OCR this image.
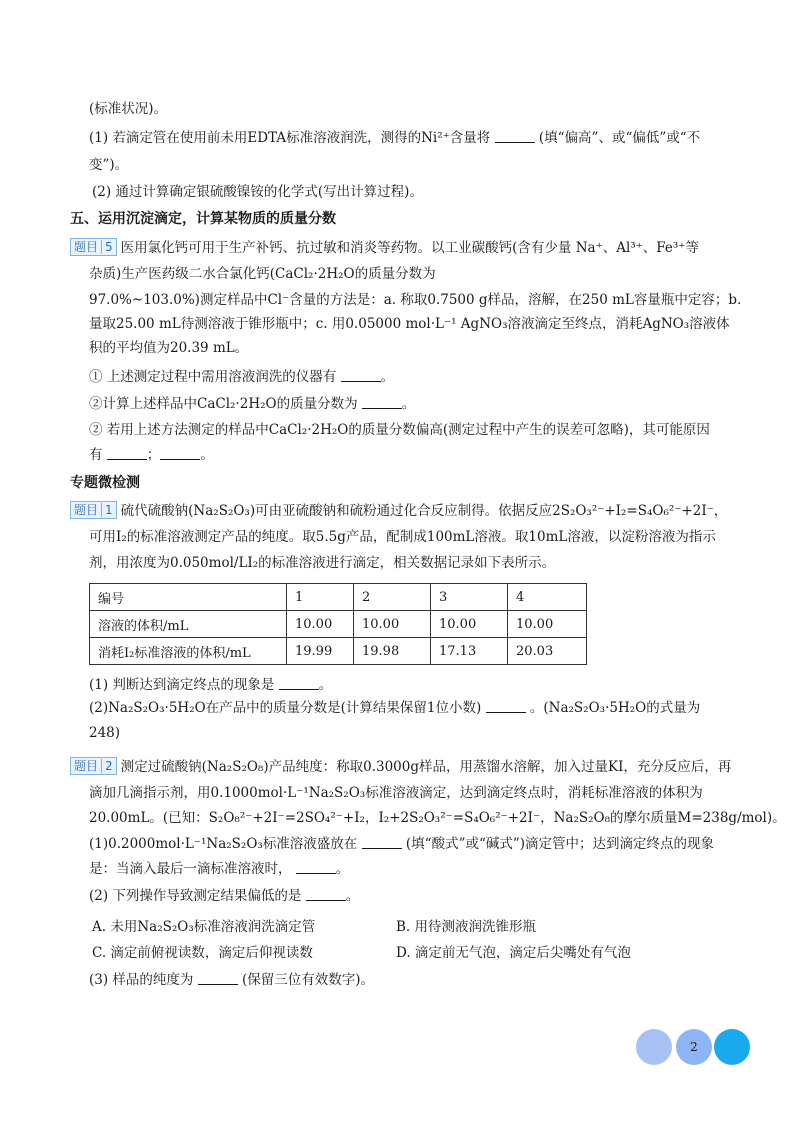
(标准状况)。
(1) 若滴定管在使用前未用EDTA标准溶液润洗，测得的Ni²⁺含量将	(填“偏高”、或“偏低”或“不
变”)。
(2) 通过计算确定银硫酸镍铵的化学式(写出计算过程)。
五、运用沉淀滴定，计算某物质的质量分数
题目 5 医用氯化钙可用于生产补钙、抗过敏和消炎等药物。以工业碳酸钙(含有少量 Na⁺、Al³⁺、Fe³⁺等
杂质)生产医药级二水合氯化钙(CaCl₂·2H₂O的质量分数为
97.0%~103.0%)测定样品中Cl⁻含量的方法是：a. 称取0.7500 g样品，溶解，在250 mL容量瓶中定容；b.
量取25.00 mL待测溶液于锥形瓶中；c. 用0.05000 mol·L⁻¹ AgNO₃溶液滴定至终点，消耗AgNO₃溶液体
积的平均值为20.39 mL。
① 上述测定过程中需用溶液润洗的仪器有	。
②计算上述样品中CaCl₂·2H₂O的质量分数为	。
② 若用上述方法测定的样品中CaCl₂·2H₂O的质量分数偏高(测定过程中产生的误差可忽略)，其可能原因
有	；	。
专题微检测
题目 1 硫代硫酸钠(Na₂S₂O₃)可由亚硫酸钠和硫粉通过化合反应制得。依据反应2S₂O₃²⁻+I₂=S₄O₆²⁻+2I⁻，
可用I₂的标准溶液测定产品的纯度。取5.5g产品，配制成100mL溶液。取10mL溶液，以淀粉溶液为指示
剂，用浓度为0.050mol/LI₂的标准溶液进行滴定，相关数据记录如下表所示。
编号	1	2	3	4
溶液的体积/mL	10.00	10.00	10.00	10.00
消耗I₂标准溶液的体积/mL	19.99	19.98	17.13	20.03
(1) 判断达到滴定终点的现象是	。
(2)Na₂S₂O₃·5H₂O在产品中的质量分数是(计算结果保留1位小数)	。(Na₂S₂O₃·5H₂O的式量为
248)
题目 2 测定过硫酸钠(Na₂S₂O₈)产品纯度：称取0.3000g样品，用蒸馏水溶解，加入过量KI，充分反应后，再
滴加几滴指示剂，用0.1000mol·L⁻¹Na₂S₂O₃标准溶液滴定，达到滴定终点时，消耗标准溶液的体积为
20.00mL。(已知：S₂O₈²⁻+2I⁻=2SO₄²⁻+I₂，I₂+2S₂O₃²⁻=S₄O₆²⁻+2I⁻，Na₂S₂O₈的摩尔质量M=238g/mol)。
(1)0.2000mol·L⁻¹Na₂S₂O₃标准溶液盛放在	(填“酸式”或“碱式”)滴定管中；达到滴定终点的现象
是：当滴入最后一滴标准溶液时，	。
(2) 下列操作导致测定结果偏低的是	。
A. 未用Na₂S₂O₃标准溶液润洗滴定管	B. 用待测液润洗锥形瓶
C. 滴定前俯视读数，滴定后仰视读数	D. 滴定前无气泡，滴定后尖嘴处有气泡
(3) 样品的纯度为	(保留三位有效数字)。
2
